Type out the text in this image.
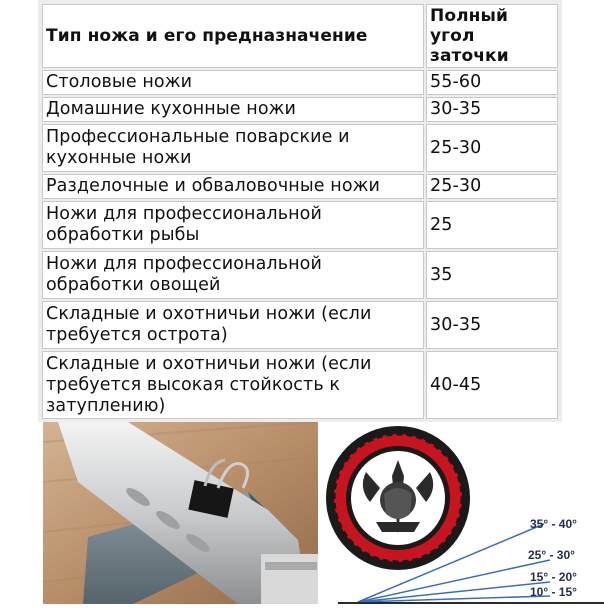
Тип ножа и его предназначение	Полный
угол
заточки

Столовые ножи	55-60

Домашние кухонные ножи	30-35

Профессиональные поварские и
кухонные ножи	25-30

Разделочные и обваловочные ножи	25-30

Ножи для профессиональной
обработки рыбы	25

Ножи для профессиональной
обработки овощей	35

Складные и охотничьи ножи (если
требуется острота)	30-35

Складные и охотничьи ножи (если
требуется высокая стойкость к
затуплению)	40-45
35° - 40°
25° - 30°
15° - 20°
10° - 15°
